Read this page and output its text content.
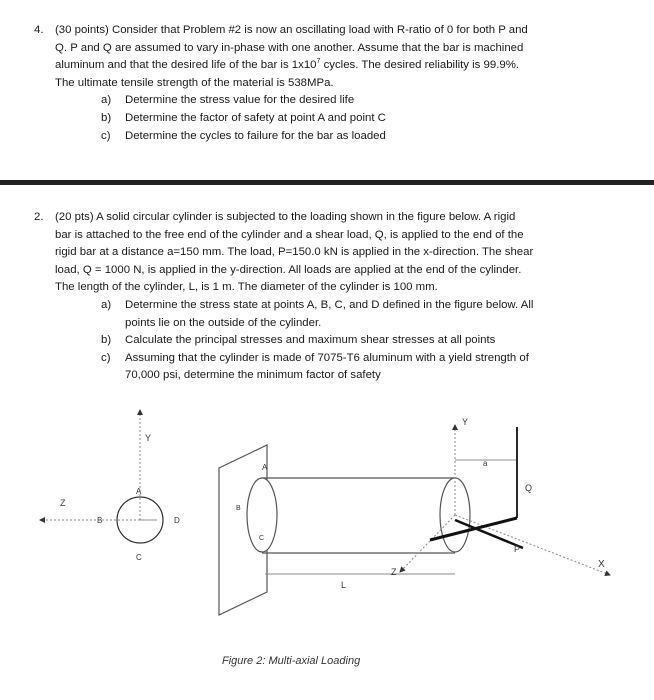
4. (30 points) Consider that Problem #2 is now an oscillating load with R-ratio of 0 for both P and
Q. P and Q are assumed to vary in-phase with one another. Assume that the bar is machined
aluminum and that the desired life of the bar is $1x10^7$ cycles. The desired reliability is 99.9%.
The ultimate tensile strength of the material is 538MPa.
a) Determine the stress value for the desired life
b) Determine the factor of safety at point A and point C
c) Determine the cycles to failure for the bar as loaded
2. (20 pts) A solid circular cylinder is subjected to the loading shown in the figure below. A rigid
bar is attached to the free end of the cylinder and a shear load, Q, is applied to the end of the
rigid bar at a distance a=150 mm. The load, P=150.0 kN is applied in the x-direction. The shear
load, Q = 1000 N, is applied in the y-direction. All loads are applied at the end of the cylinder.
The length of the cylinder, L, is 1 m. The diameter of the cylinder is 100 mm.
a) Determine the stress state at points A, B, C, and D defined in the figure below. All
points lie on the outside of the cylinder.
b) Calculate the principal stresses and maximum shear stresses at all points
c) Assuming that the cylinder is made of 7075-T6 aluminum with a yield strength of
70,000 psi, determine the minimum factor of safety
Y
Z
A
B
C
D
A
B
C
Y
Z
X
a
Q
P
L
Figure 2: Multi-axial Loading
